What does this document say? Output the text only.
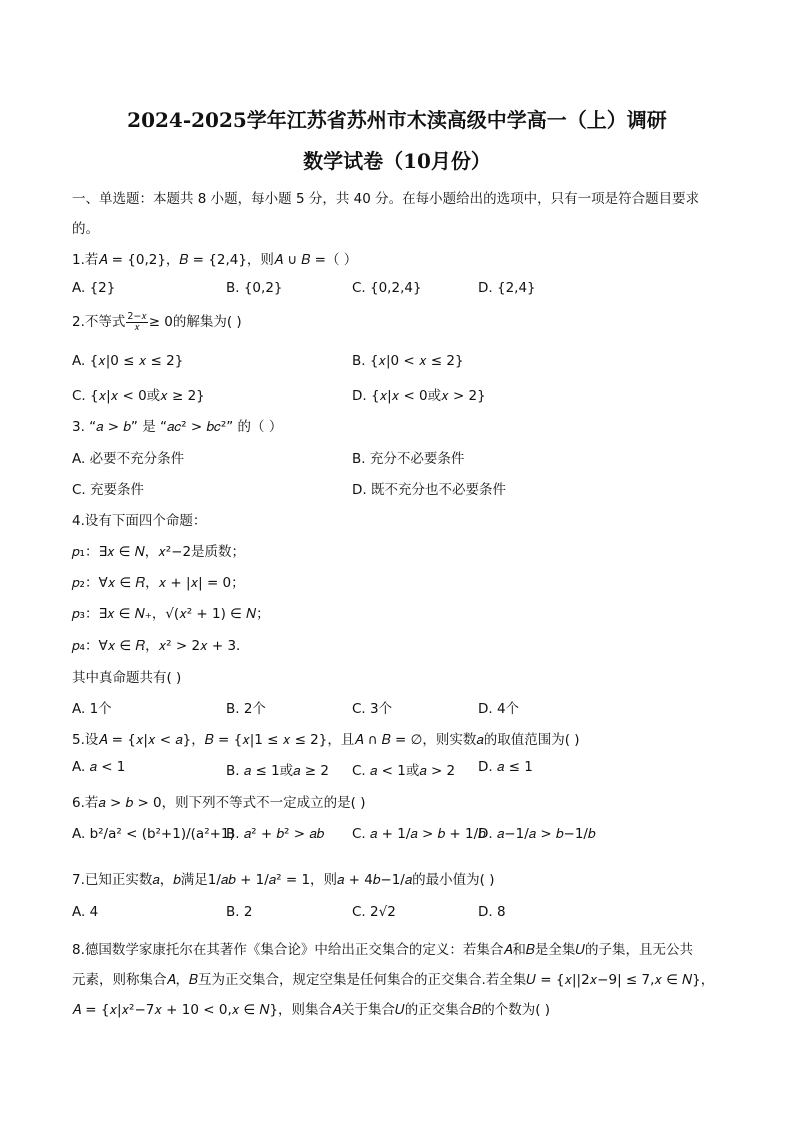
2024-2025学年江苏省苏州市木渎高级中学高一（上）调研
数学试卷（10月份）
一、单选题：本题共 8 小题，每小题 5 分，共 40 分。在每小题给出的选项中，只有一项是符合题目要求
的。
1.若𝐴 = {0,2}，𝐵 = {2,4}，则𝐴 ∪ 𝐵 =（ ）
A. {2}	B. {0,2}	C. {0,2,4}	D. {2,4}
2.不等式 $\frac{\text{2−𝑥}}{\text{𝑥}} \ge 0$的解集为( )
A. {𝑥|0 ≤ 𝑥 ≤ 2}	B. {𝑥|0 < 𝑥 ≤ 2}
C. {𝑥|𝑥 < 0或𝑥 ≥ 2}	D. {𝑥|𝑥 < 0或𝑥 > 2}
3. “𝑎 > 𝑏” 是 “𝑎𝑐² > 𝑏𝑐²” 的（ ）
A. 必要不充分条件	B. 充分不必要条件
C. 充要条件	D. 既不充分也不必要条件
4.设有下面四个命题：
𝑝₁：∃𝑥 ∈ 𝑁，𝑥²−2是质数；
𝑝₂：∀𝑥 ∈ 𝑅，𝑥 + |𝑥| = 0；
𝑝₃：∃𝑥 ∈ 𝑁₊，√(𝑥² + 1) ∈ 𝑁；
𝑝₄：∀𝑥 ∈ 𝑅，𝑥² > 2𝑥 + 3．
其中真命题共有( )
A. 1个	B. 2个	C. 3个	D. 4个
5.设𝐴 = {𝑥|𝑥 < 𝑎}，𝐵 = {𝑥|1 ≤ 𝑥 ≤ 2}，且𝐴 ∩ 𝐵 = ∅，则实数𝑎的取值范围为( )
A. 𝑎 < 1	B. 𝑎 ≤ 1或𝑎 ≥ 2 C. 𝑎 < 1或𝑎 > 2 D. 𝑎 ≤ 1
6.若𝑎 > 𝑏 > 0，则下列不等式不一定成立的是( )
A. b²/a² < (b²+1)/(a²+1)
B. 𝑎² + 𝑏² > 𝑎𝑏 C. 𝑎 + 1/𝑎 > 𝑏 + 1/𝑏
D. 𝑎−1/𝑎 > 𝑏−1/𝑏
7.已知正实数𝑎，𝑏满足1/𝑎𝑏 + 1/𝑎² = 1，则𝑎 + 4𝑏−1/𝑎的最小值为( )
A. 4	B. 2	C. 2√2	D. 8
8.德国数学家康托尔在其著作《集合论》中给出正交集合的定义：若集合𝐴和𝐵是全集𝑈的子集，且无公共
元素，则称集合𝐴，𝐵互为正交集合，规定空集是任何集合的正交集合.若全集𝑈 = {𝑥||2𝑥−9| ≤ 7,𝑥 ∈ 𝑁}，
𝐴 = {𝑥|𝑥²−7𝑥 + 10 < 0,𝑥 ∈ 𝑁}，则集合𝐴关于集合𝑈的正交集合𝐵的个数为( )
